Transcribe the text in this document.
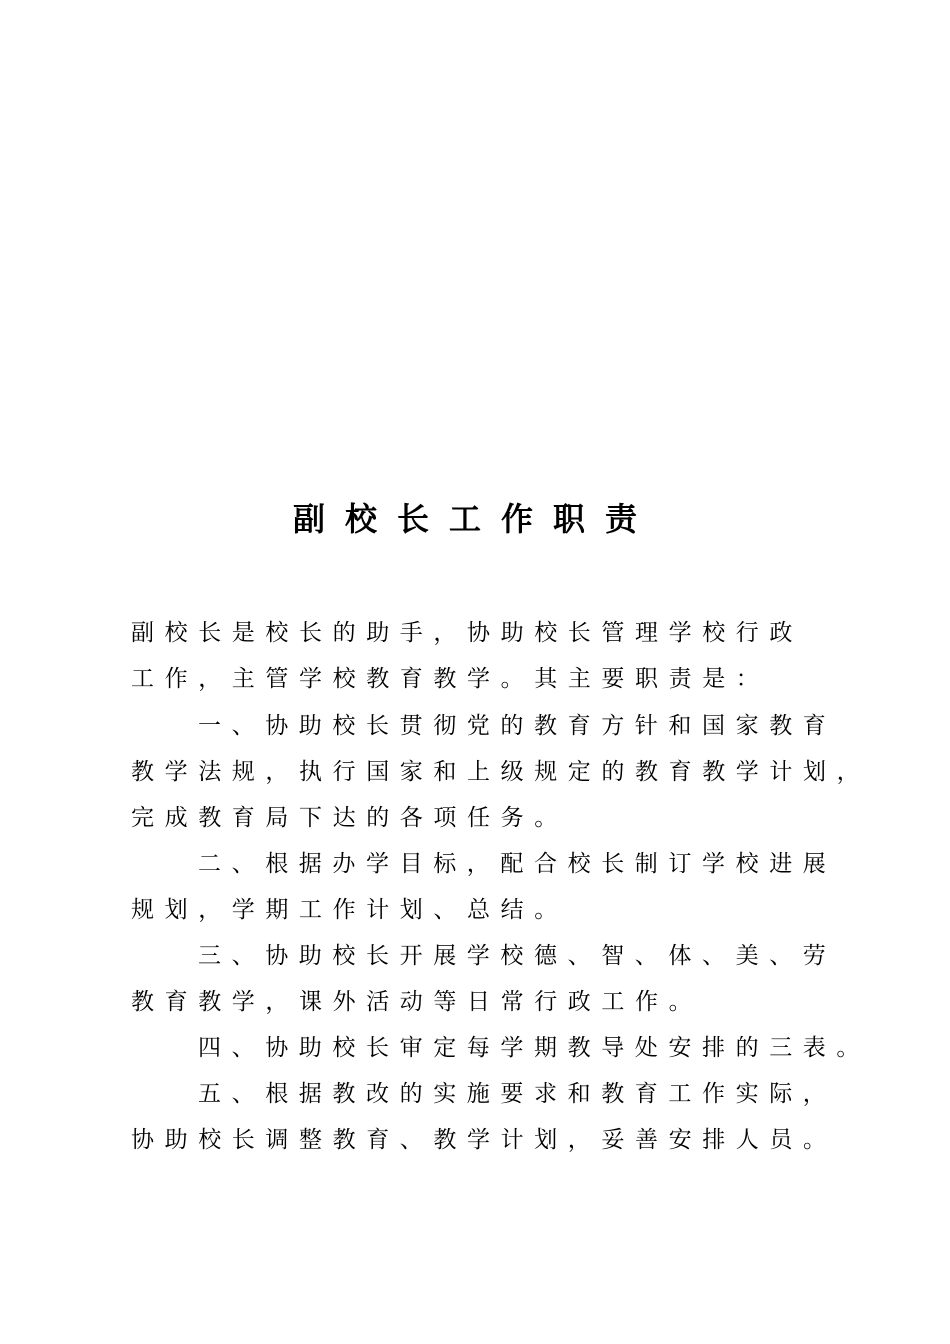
副校长工作职责
副校长是校长的助手，协助校长管理学校行政
工作，主管学校教育教学。其主要职责是：
一、协助校长贯彻党的教育方针和国家教育
教学法规，执行国家和上级规定的教育教学计划，
完成教育局下达的各项任务。
二、根据办学目标，配合校长制订学校进展
规划，学期工作计划、总结。
三、协助校长开展学校德、智、体、美、劳
教育教学，课外活动等日常行政工作。
四、协助校长审定每学期教导处安排的三表。
五、根据教改的实施要求和教育工作实际，
协助校长调整教育、教学计划，妥善安排人员。
